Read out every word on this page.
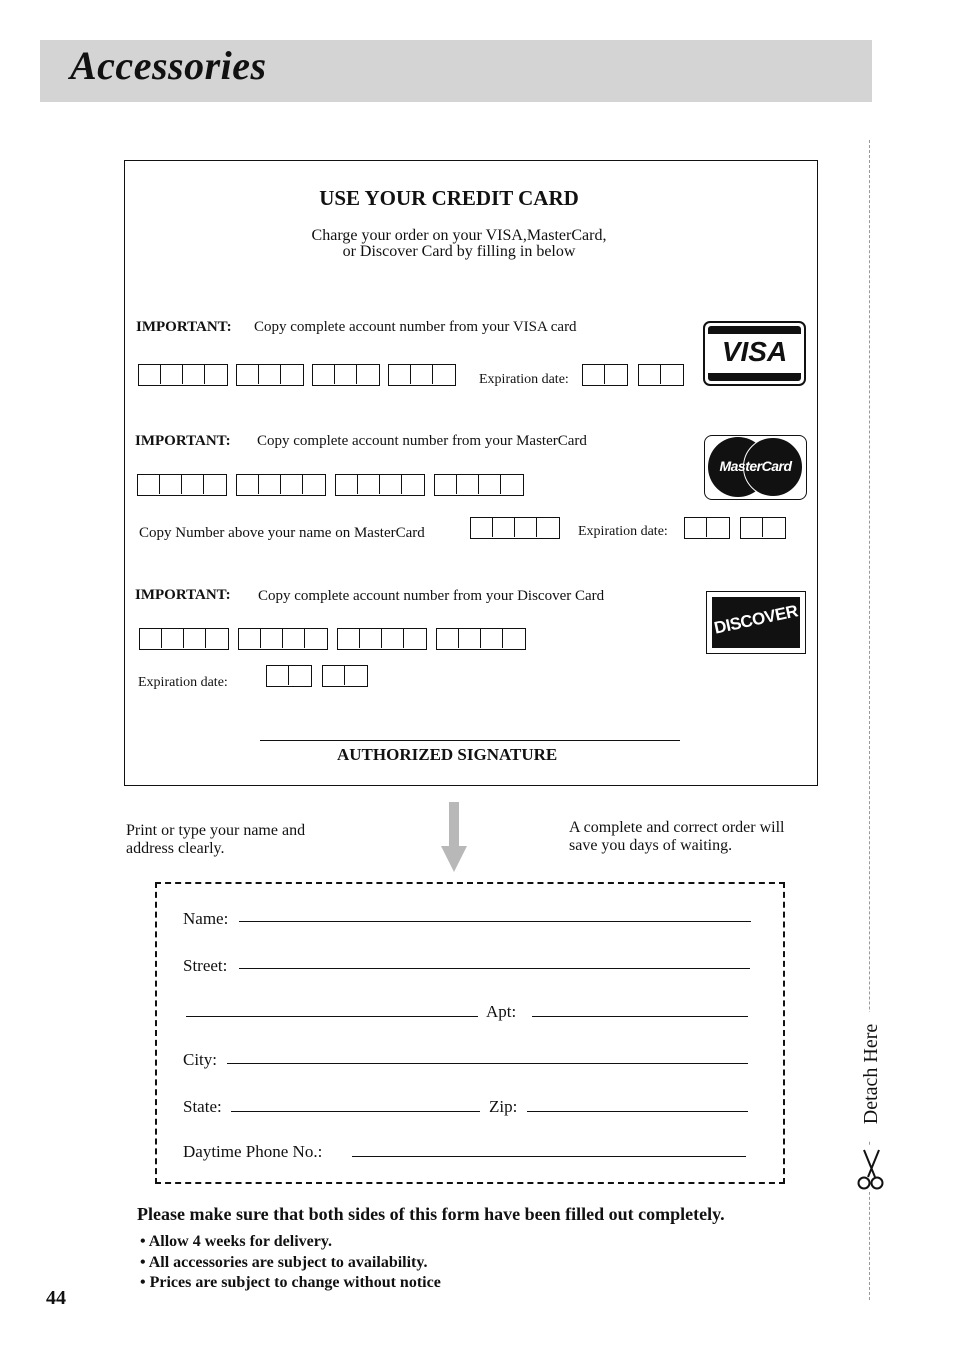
Accessories
USE YOUR CREDIT CARD
Charge your order on your VISA,MasterCard,
or Discover Card by filling in below
IMPORTANT: Copy complete account number from your VISA card
Expiration date:
VISA
IMPORTANT: Copy complete account number from your MasterCard
Copy Number above your name on MasterCard	Expiration date:
MasterCard
IMPORTANT: Copy complete account number from your Discover Card
Expiration date:
DISCOVER
AUTHORIZED SIGNATURE
Print or type your name and
address clearly.
A complete and correct order will
save you days of waiting.
Name:
Street:
Apt:
City:
State:	Zip:
Daytime Phone No.:
Please make sure that both sides of this form have been filled out completely.
• Allow 4 weeks for delivery.
• All accessories are subject to availability.
• Prices are subject to change without notice
44
Detach Here
